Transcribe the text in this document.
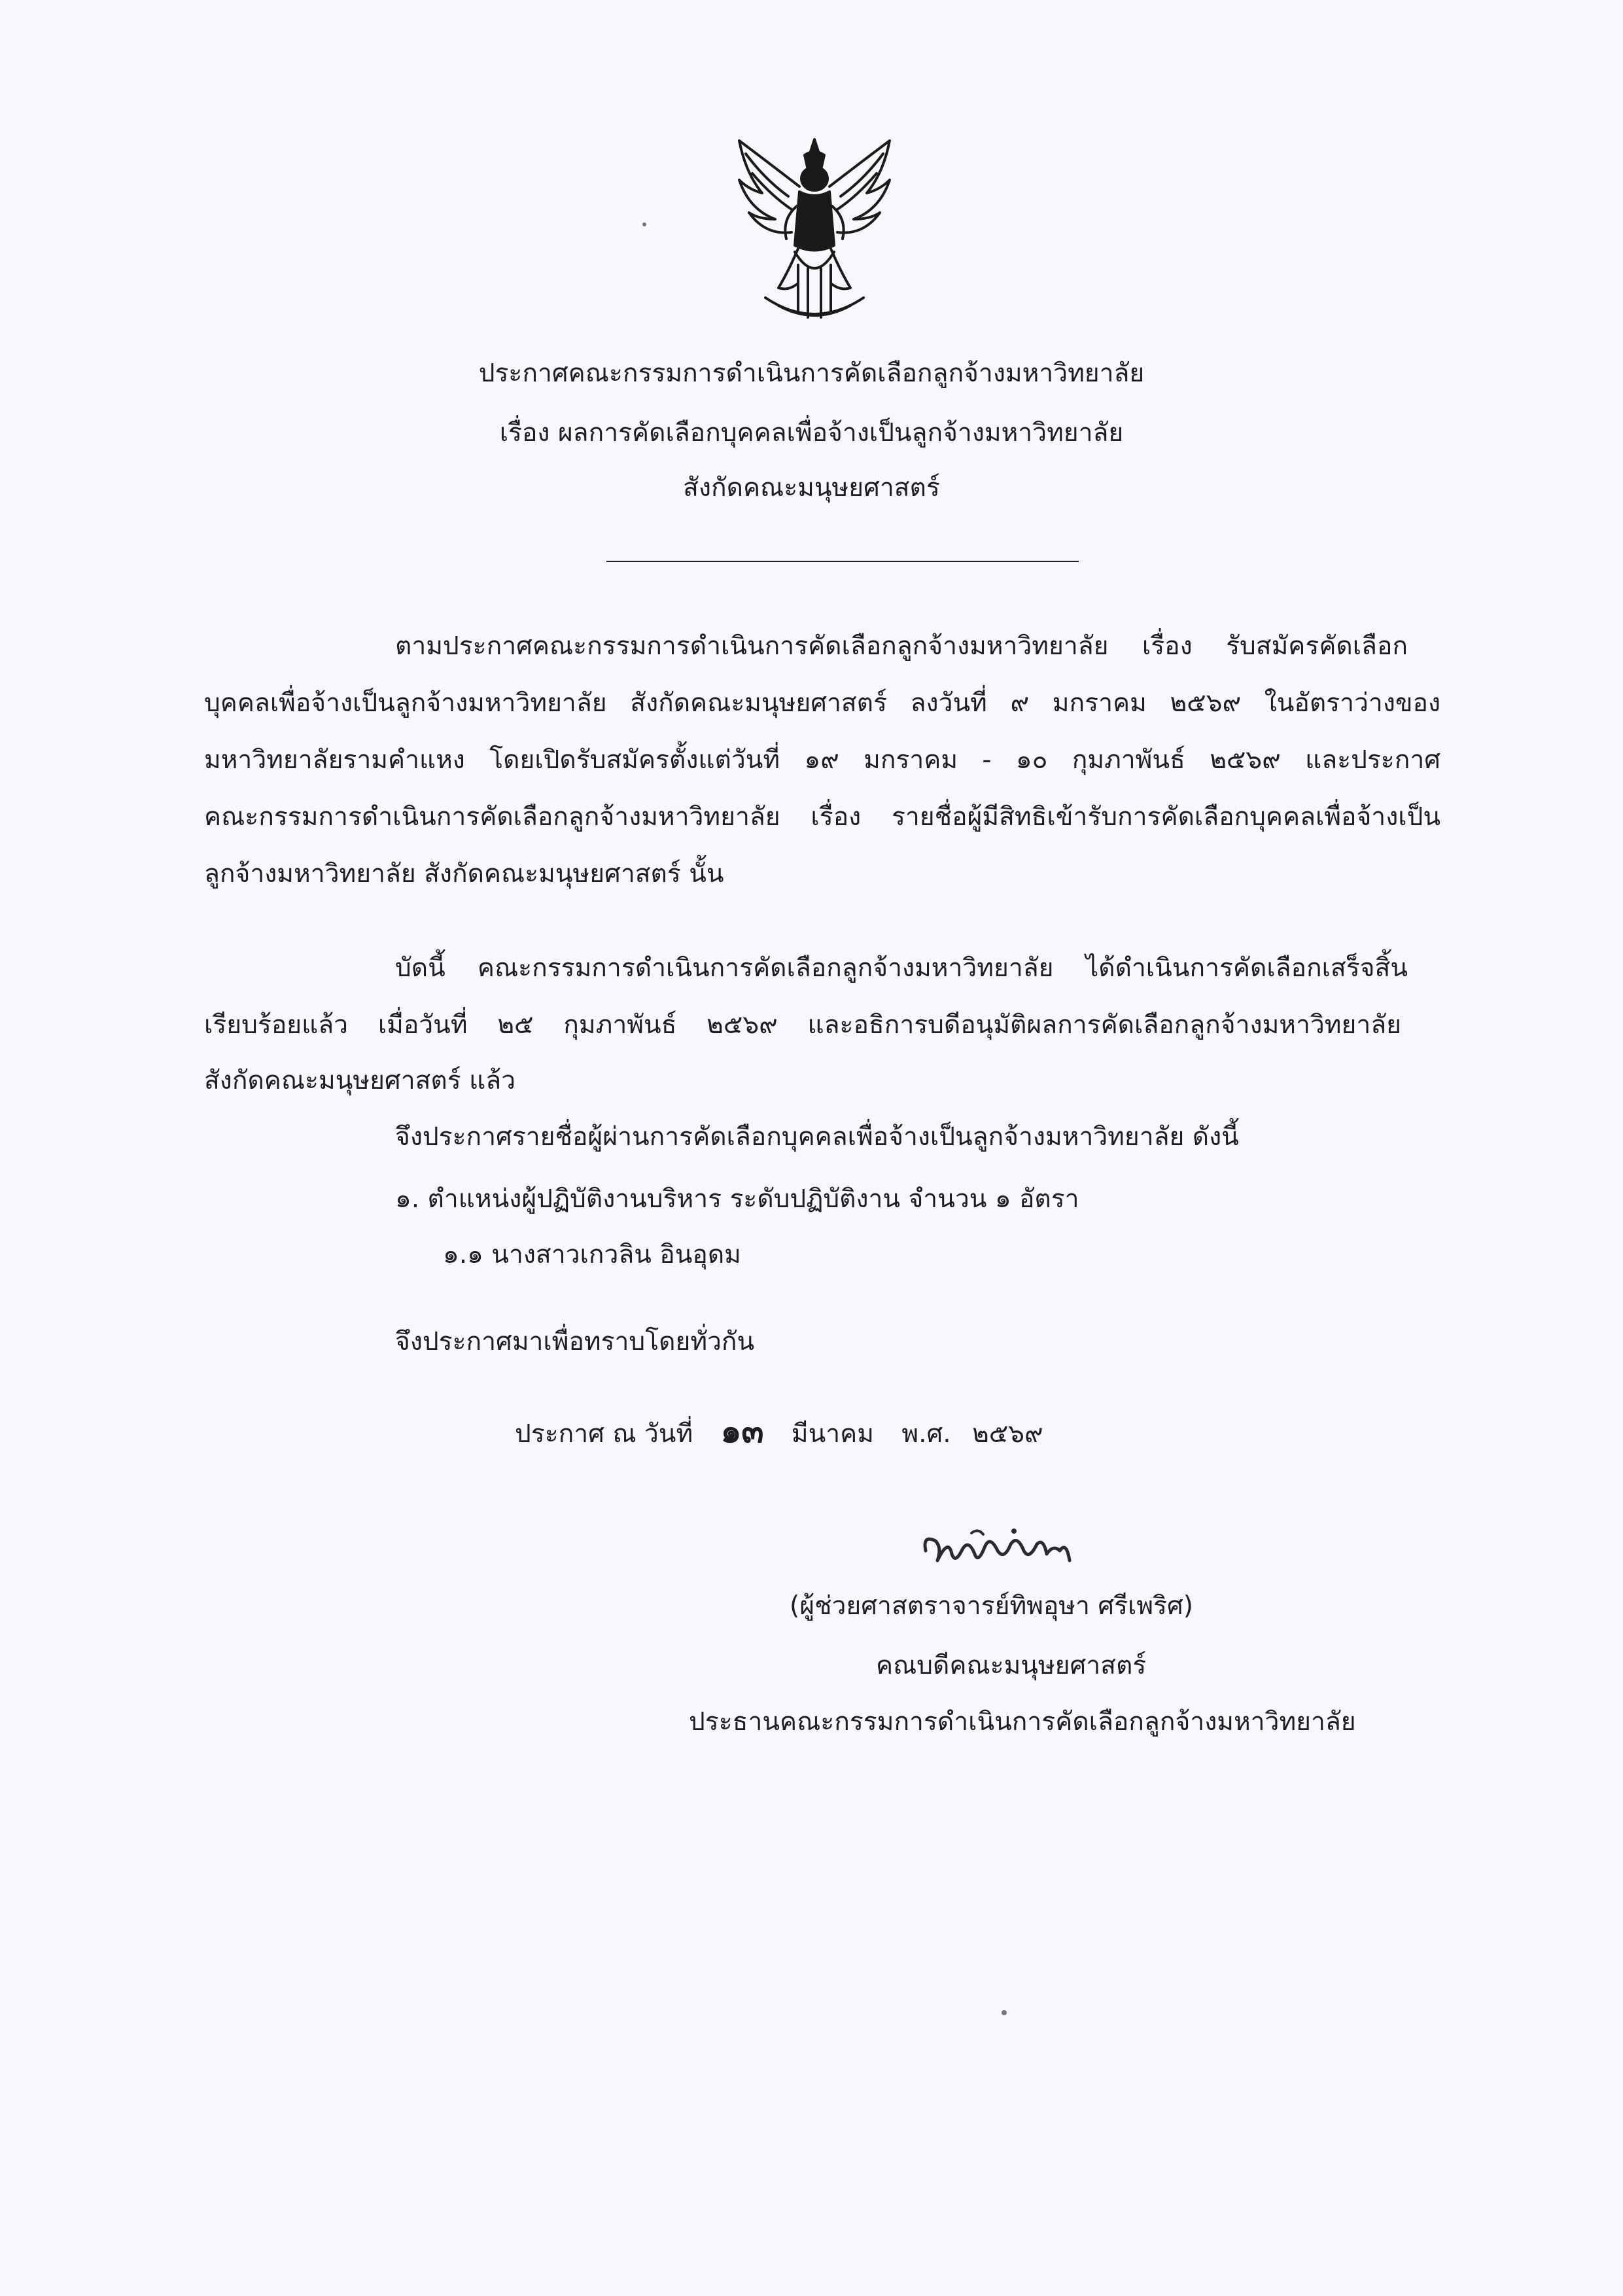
ประกาศคณะกรรมการดำเนินการคัดเลือกลูกจ้างมหาวิทยาลัย
เรื่อง ผลการคัดเลือกบุคคลเพื่อจ้างเป็นลูกจ้างมหาวิทยาลัย
สังกัดคณะมนุษยศาสตร์
ตามประกาศคณะกรรมการดำเนินการคัดเลือกลูกจ้างมหาวิทยาลัย เรื่อง รับสมัครคัดเลือก
บุคคลเพื่อจ้างเป็นลูกจ้างมหาวิทยาลัย สังกัดคณะมนุษยศาสตร์ ลงวันที่ ๙ มกราคม ๒๕๖๙ ในอัตราว่างของ
มหาวิทยาลัยรามคำแหง โดยเปิดรับสมัครตั้งแต่วันที่ ๑๙ มกราคม - ๑๐ กุมภาพันธ์ ๒๕๖๙ และประกาศ
คณะกรรมการดำเนินการคัดเลือกลูกจ้างมหาวิทยาลัย เรื่อง รายชื่อผู้มีสิทธิเข้ารับการคัดเลือกบุคคลเพื่อจ้างเป็น
ลูกจ้างมหาวิทยาลัย สังกัดคณะมนุษยศาสตร์ นั้น
บัดนี้ คณะกรรมการดำเนินการคัดเลือกลูกจ้างมหาวิทยาลัย ได้ดำเนินการคัดเลือกเสร็จสิ้น
เรียบร้อยแล้ว เมื่อวันที่ ๒๕ กุมภาพันธ์ ๒๕๖๙ และอธิการบดีอนุมัติผลการคัดเลือกลูกจ้างมหาวิทยาลัย
สังกัดคณะมนุษยศาสตร์ แล้ว
จึงประกาศรายชื่อผู้ผ่านการคัดเลือกบุคคลเพื่อจ้างเป็นลูกจ้างมหาวิทยาลัย ดังนี้
๑. ตำแหน่งผู้ปฏิบัติงานบริหาร ระดับปฏิบัติงาน จำนวน ๑ อัตรา
๑.๑ นางสาวเกวลิน อินอุดม
จึงประกาศมาเพื่อทราบโดยทั่วกัน
ประกาศ ณ วันที่ ๑๓ มีนาคม พ.ศ. ๒๕๖๙
(ผู้ช่วยศาสตราจารย์ทิพอุษา ศรีเพริศ)
คณบดีคณะมนุษยศาสตร์
ประธานคณะกรรมการดำเนินการคัดเลือกลูกจ้างมหาวิทยาลัย
